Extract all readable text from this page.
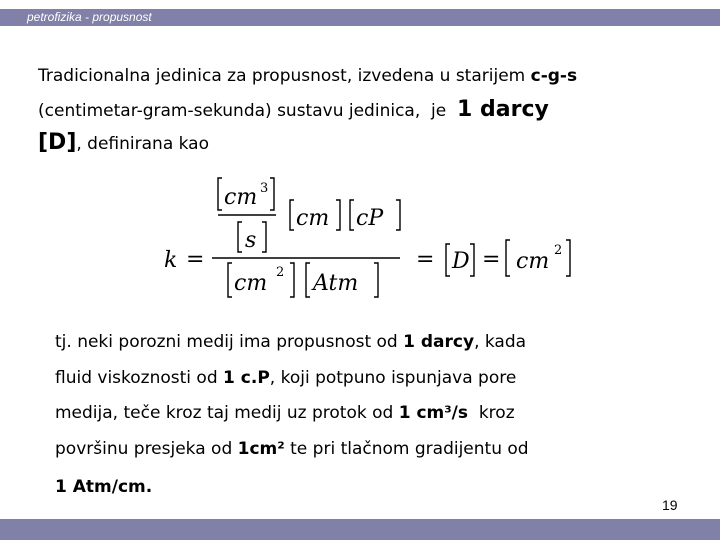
petrofizika - propusnost
Tradicionalna jedinica za propusnost, izvedena u starijem c-g-s
(centimetar-gram-sekunda) sustavu jedinica, je 1 darcy
[D], definirana kao
k =
cm 3
s
cm cP
cm 2 Atm
= D = cm 2
tj. neki porozni medij ima propusnost od 1 darcy, kada
fluid viskoznosti od 1 c.P, koji potpuno ispunjava pore
medija, teče kroz taj medij uz protok od 1 cm³/s kroz
površinu presjeka od 1cm² te pri tlačnom gradijentu od
1 Atm/cm.
19
